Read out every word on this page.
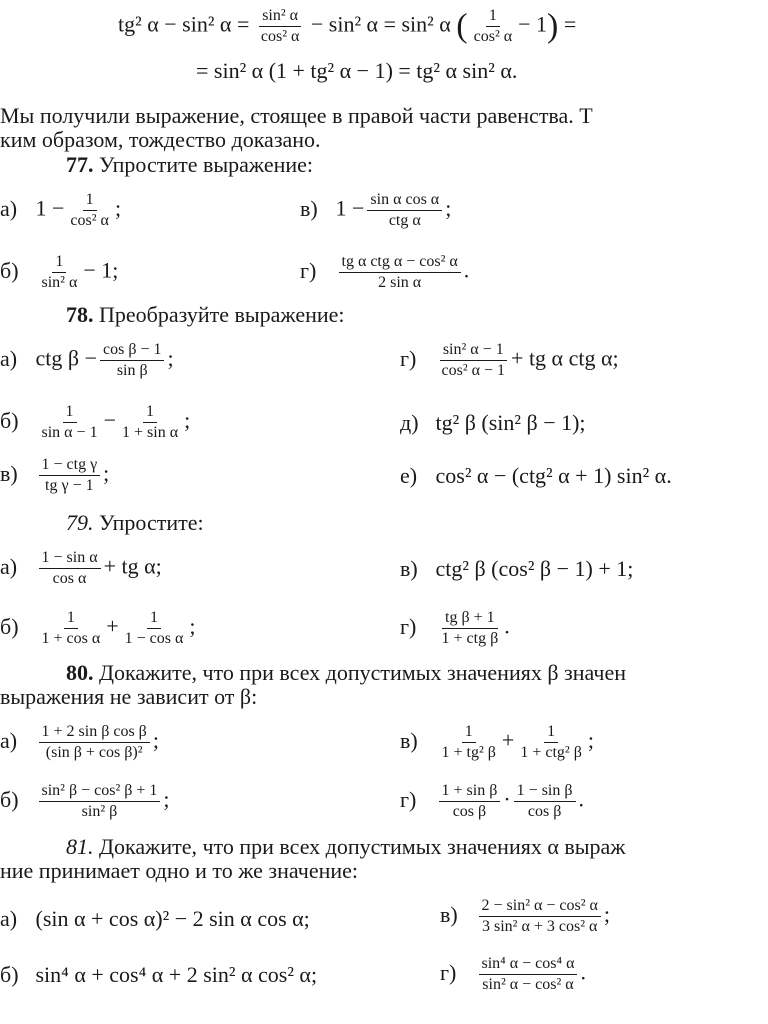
tg² α − sin² $\alpha = \frac{\text{sin² α}}{\text{cos² α}} - \sin^2$ α = sin² α ( $\frac{1}{\text{cos² α}} - 1$) =
= sin² α (1 + tg² α − 1) = tg² α sin² α.
Мы получили выражение, стоящее в правой части равенства. Т
ким образом, тождество доказано.
77. Упростите выражение:
а) $1 - \frac{1}{\text{cos² α}}$ ;	в) $1 - \frac{\text{sin α cos α}}{\text{ctg α}}$ ;
$б) \frac{1}{\text{sin² α}} - 1$;	$г) \frac{\text{tg α ctg α − cos² α}}{\text{2 sin α}}$ .
78. Преобразуйте выражение:
а) ctg $\beta - \frac{\text{cos β − 1}}{\text{sin β}}$ ;	$г) \frac{\text{sin² α − 1}}{\text{cos² α − 1}}$ + tg α ctg α;
$б) \frac{1}{\text{sin α − 1}} - \frac{1}{\text{1 + sin α}}$ ;	д) tg² β (sin² β − 1);
$в) \frac{\text{1 − ctg γ}}{\text{tg γ − 1}}$ ;	е) cos² α − (ctg² α + 1) sin² α.
79. Упростите:
$а) \frac{\text{1 − sin α}}{\text{cos α}}$ + tg α;	в) ctg² β (cos² β − 1) + 1;
$б) \frac{1}{\text{1 + cos α}} + \frac{1}{\text{1 − cos α}}$ ;	$г) \frac{\text{tg β + 1}}{\text{1 + ctg β}}$ .
80. Докажите, что при всех допустимых значениях β значен
выражения не зависит от β:
$а) \frac{\text{1 + 2 sin β cos β}}{\text{(sin β + cos β)²}}$ ;	$в) \frac{1}{\text{1 + tg² β}} + \frac{1}{\text{1 + ctg² β}}$ ;
$б) \frac{\text{sin² β − cos² β + 1}}{\text{sin² β}}$ ;	$г) \frac{\text{1 + sin β}}{\text{cos β}} \cdot \frac{\text{1 − sin β}}{\text{cos β}}$ .
81. Докажите, что при всех допустимых значениях α выраж
ние принимает одно и то же значение:
а) (sin α + cos α)² − 2 sin α cos α;	$в) \frac{\text{2 − sin² α − cos² α}}{\text{3 sin² α + 3 cos² α}}$ ;
б) sin⁴ α + cos⁴ α + 2 sin² α cos² α;	$г) \frac{\text{sin⁴ α − cos⁴ α}}{\text{sin² α − cos² α}}$ .
